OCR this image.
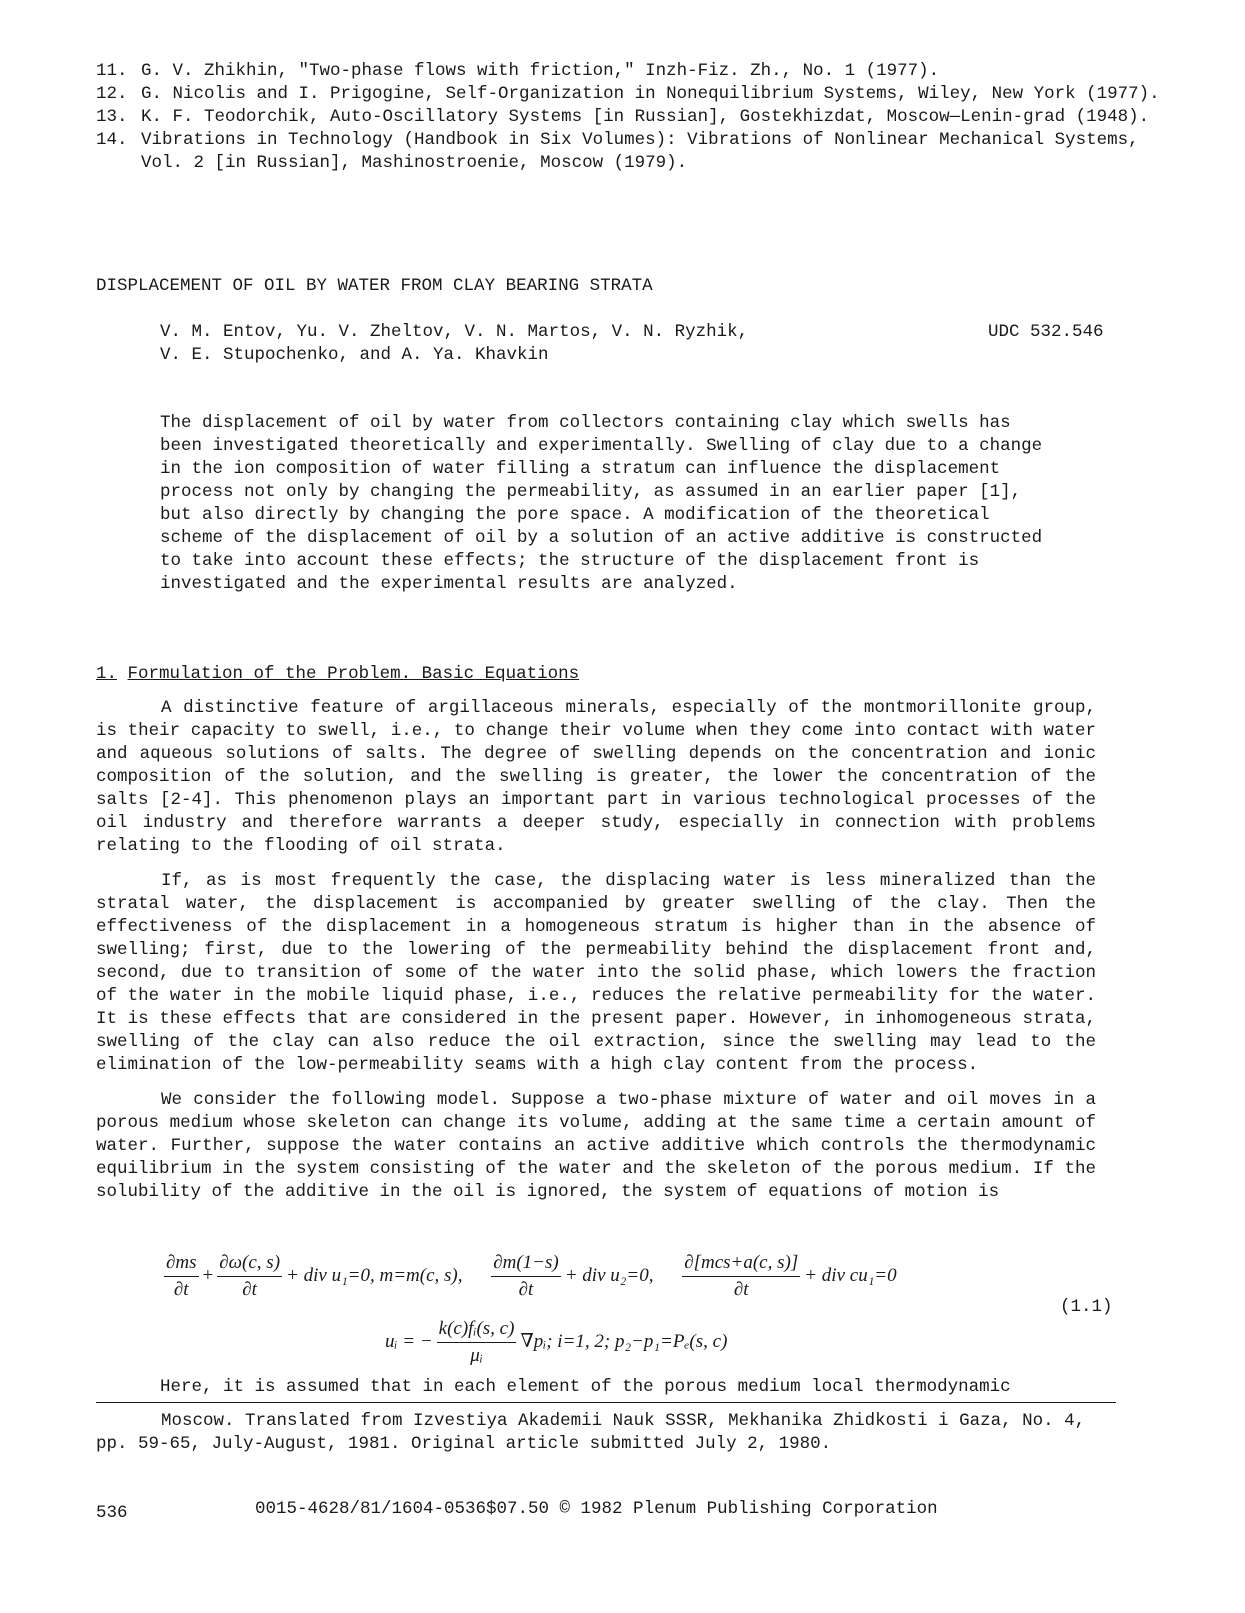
11. G. V. Zhikhin, "Two-phase flows with friction," Inzh-Fiz. Zh., No. 1 (1977).
12. G. Nicolis and I. Prigogine, Self-Organization in Nonequilibrium Systems, Wiley, New York (1977).
13. K. F. Teodorchik, Auto-Oscillatory Systems [in Russian], Gostekhizdat, Moscow—Lenin-grad (1948).
14. Vibrations in Technology (Handbook in Six Volumes): Vibrations of Nonlinear Mechanical Systems, Vol. 2 [in Russian], Mashinostroenie, Moscow (1979).
DISPLACEMENT OF OIL BY WATER FROM CLAY BEARING STRATA
V. M. Entov, Yu. V. Zheltov, V. N. Martos, V. N. Ryzhik,
V. E. Stupochenko, and A. Ya. Khavkin
UDC 532.546

The displacement of oil by water from collectors containing clay which swells has been investigated theoretically and experimentally. Swelling of clay due to a change in the ion composition of water filling a stratum can influence the displacement process not only by changing the permeability, as assumed in an earlier paper [1], but also directly by changing the pore space. A modification of the theoretical scheme of the displacement of oil by a solution of an active additive is constructed to take into account these effects; the structure of the displacement front is investigated and the experimental results are analyzed.

1. Formulation of the Problem. Basic Equations

A distinctive feature of argillaceous minerals, especially of the montmorillonite group, is their capacity to swell, i.e., to change their volume when they come into contact with water and aqueous solutions of salts. The degree of swelling depends on the concentration and ionic composition of the solution, and the swelling is greater, the lower the concentration of the salts [2-4]. This phenomenon plays an important part in various technological processes of the oil industry and therefore warrants a deeper study, especially in connection with problems relating to the flooding of oil strata.

If, as is most frequently the case, the displacing water is less mineralized than the stratal water, the displacement is accompanied by greater swelling of the clay. Then the effectiveness of the displacement in a homogeneous stratum is higher than in the absence of swelling; first, due to the lowering of the permeability behind the displacement front and, second, due to transition of some of the water into the solid phase, which lowers the fraction of the water in the mobile liquid phase, i.e., reduces the relative permeability for the water. It is these effects that are considered in the present paper. However, in inhomogeneous strata, swelling of the clay can also reduce the oil extraction, since the swelling may lead to the elimination of the low-permeability seams with a high clay content from the process.

We consider the following model. Suppose a two-phase mixture of water and oil moves in a porous medium whose skeleton can change its volume, adding at the same time a certain amount of water. Further, suppose the water contains an active additive which controls the thermodynamic equilibrium in the system consisting of the water and the skeleton of the porous medium. If the solubility of the additive in the oil is ignored, the system of equations of motion is

$\frac{\partial ms}{\partial t} + \frac{\partial\omega(c, s)}{\partial t}$ + div u₁=0, m=m(c, s), $\frac{\partial m(1-s)}{\partial t}$ + div u₂=0, $\frac{\text{∂[mcs+a(c, s)]}}{\partial t}$ + div cu₁=0
(1.1)
uᵢ = − $\frac{\text{k(c)fᵢ(s, c)}}{\text{μᵢ}}$ ∇pᵢ; i=1, 2; p₂−p₁=Pₑ(s, c)
Here, it is assumed that in each element of the porous medium local thermodynamic

Moscow. Translated from Izvestiya Akademii Nauk SSSR, Mekhanika Zhidkosti i Gaza, No. 4, pp. 59-65, July-August, 1981. Original article submitted July 2, 1980.

536	0015-4628/81/1604-0536$07.50 © 1982 Plenum Publishing Corporation
